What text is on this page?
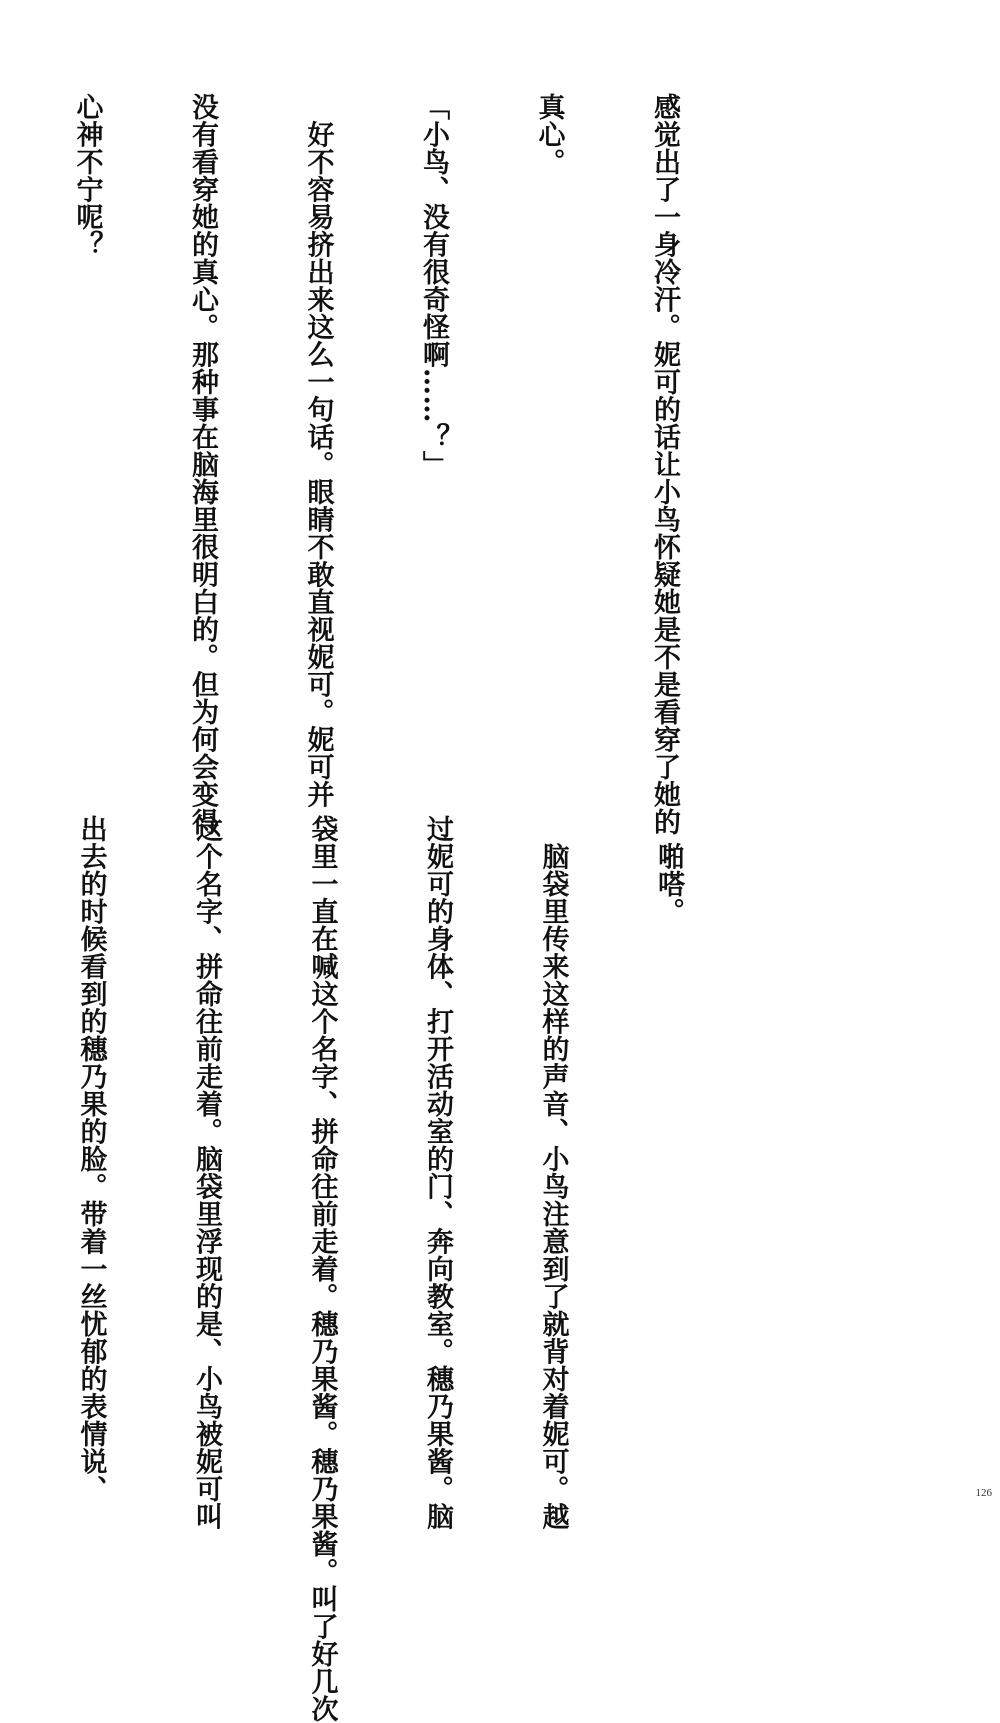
感觉出了一身冷汗。妮可的话让小鸟怀疑她是不是看穿了她的

真心。

「小鸟、没有很奇怪啊……？」

　好不容易挤出来这么一句话。眼睛不敢直视妮可。妮可并

没有看穿她的真心。那种事在脑海里很明白的。但为何会变得

心神不宁呢？

　啪嗒。

　脑袋里传来这样的声音、小鸟注意到了就背对着妮可。越

过妮可的身体、打开活动室的门、奔向教室。穗乃果酱。脑

袋里一直在喊这个名字、拼命往前走着。穗乃果酱。穗乃果酱。叫了好几次

这个名字、拼命往前走着。脑袋里浮现的是、小鸟被妮可叫

出去的时候看到的穗乃果的脸。带着一丝忧郁的表情说、

	126
